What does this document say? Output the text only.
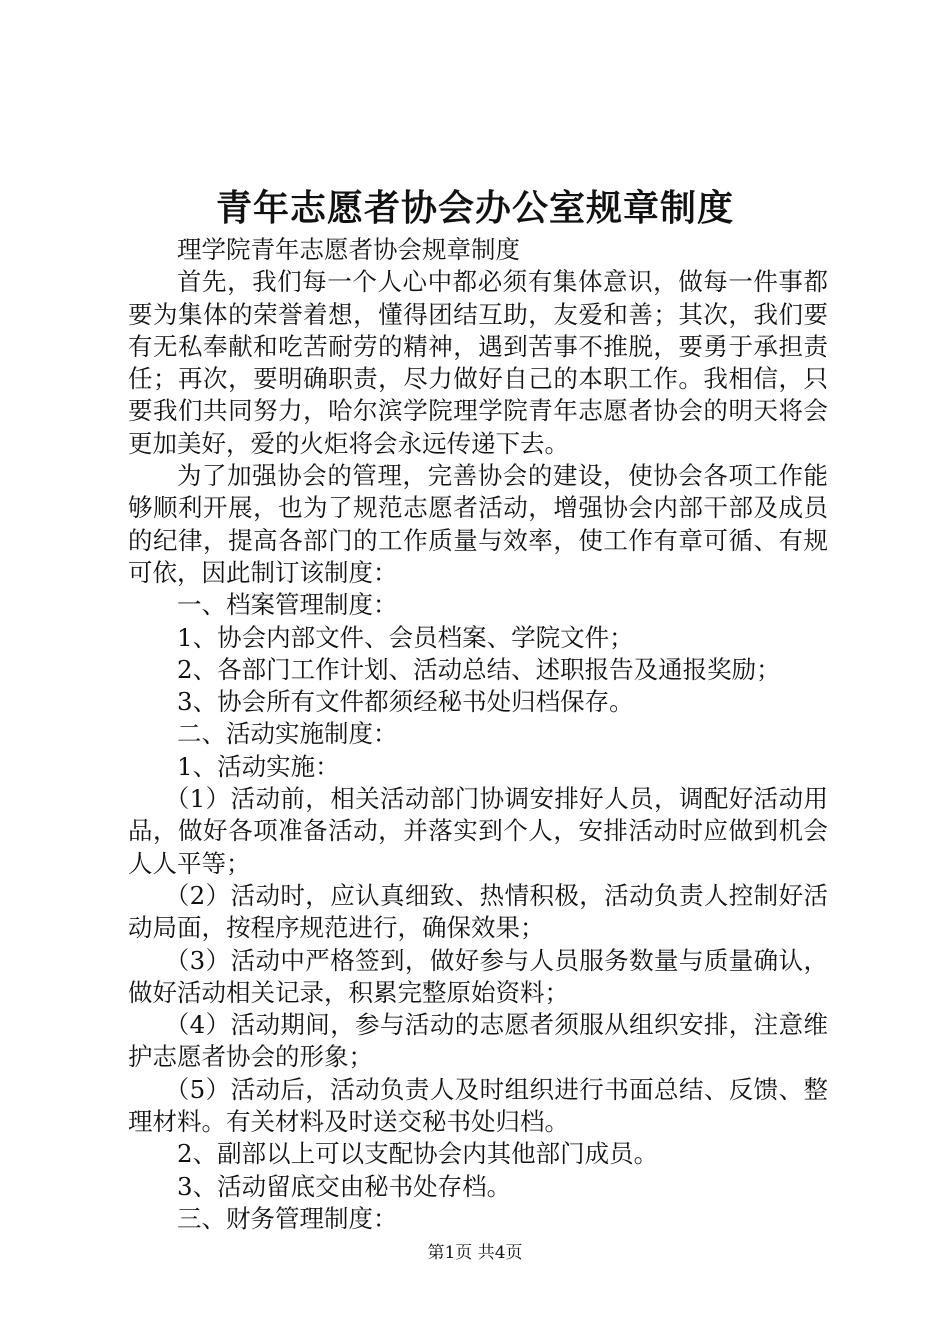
青年志愿者协会办公室规章制度

理学院青年志愿者协会规章制度

首先，我们每一个人心中都必须有集体意识，做每一件事都要为集体的荣誉着想，懂得团结互助，友爱和善；其次，我们要有无私奉献和吃苦耐劳的精神，遇到苦事不推脱，要勇于承担责任；再次，要明确职责，尽力做好自己的本职工作。我相信，只要我们共同努力，哈尔滨学院理学院青年志愿者协会的明天将会更加美好，爱的火炬将会永远传递下去。

为了加强协会的管理，完善协会的建设，使协会各项工作能够顺利开展，也为了规范志愿者活动，增强协会内部干部及成员的纪律，提高各部门的工作质量与效率，使工作有章可循、有规可依，因此制订该制度：

一、档案管理制度：

1、协会内部文件、会员档案、学院文件；

2、各部门工作计划、活动总结、述职报告及通报奖励；

3、协会所有文件都须经秘书处归档保存。

二、活动实施制度：

1、活动实施：

（1）活动前，相关活动部门协调安排好人员，调配好活动用品，做好各项准备活动，并落实到个人，安排活动时应做到机会人人平等；

（2）活动时，应认真细致、热情积极，活动负责人控制好活动局面，按程序规范进行，确保效果；

（3）活动中严格签到，做好参与人员服务数量与质量确认，做好活动相关记录，积累完整原始资料；

（4）活动期间，参与活动的志愿者须服从组织安排，注意维护志愿者协会的形象；

（5）活动后，活动负责人及时组织进行书面总结、反馈、整理材料。有关材料及时送交秘书处归档。

2、副部以上可以支配协会内其他部门成员。

3、活动留底交由秘书处存档。

三、财务管理制度：

第1页 共4页
